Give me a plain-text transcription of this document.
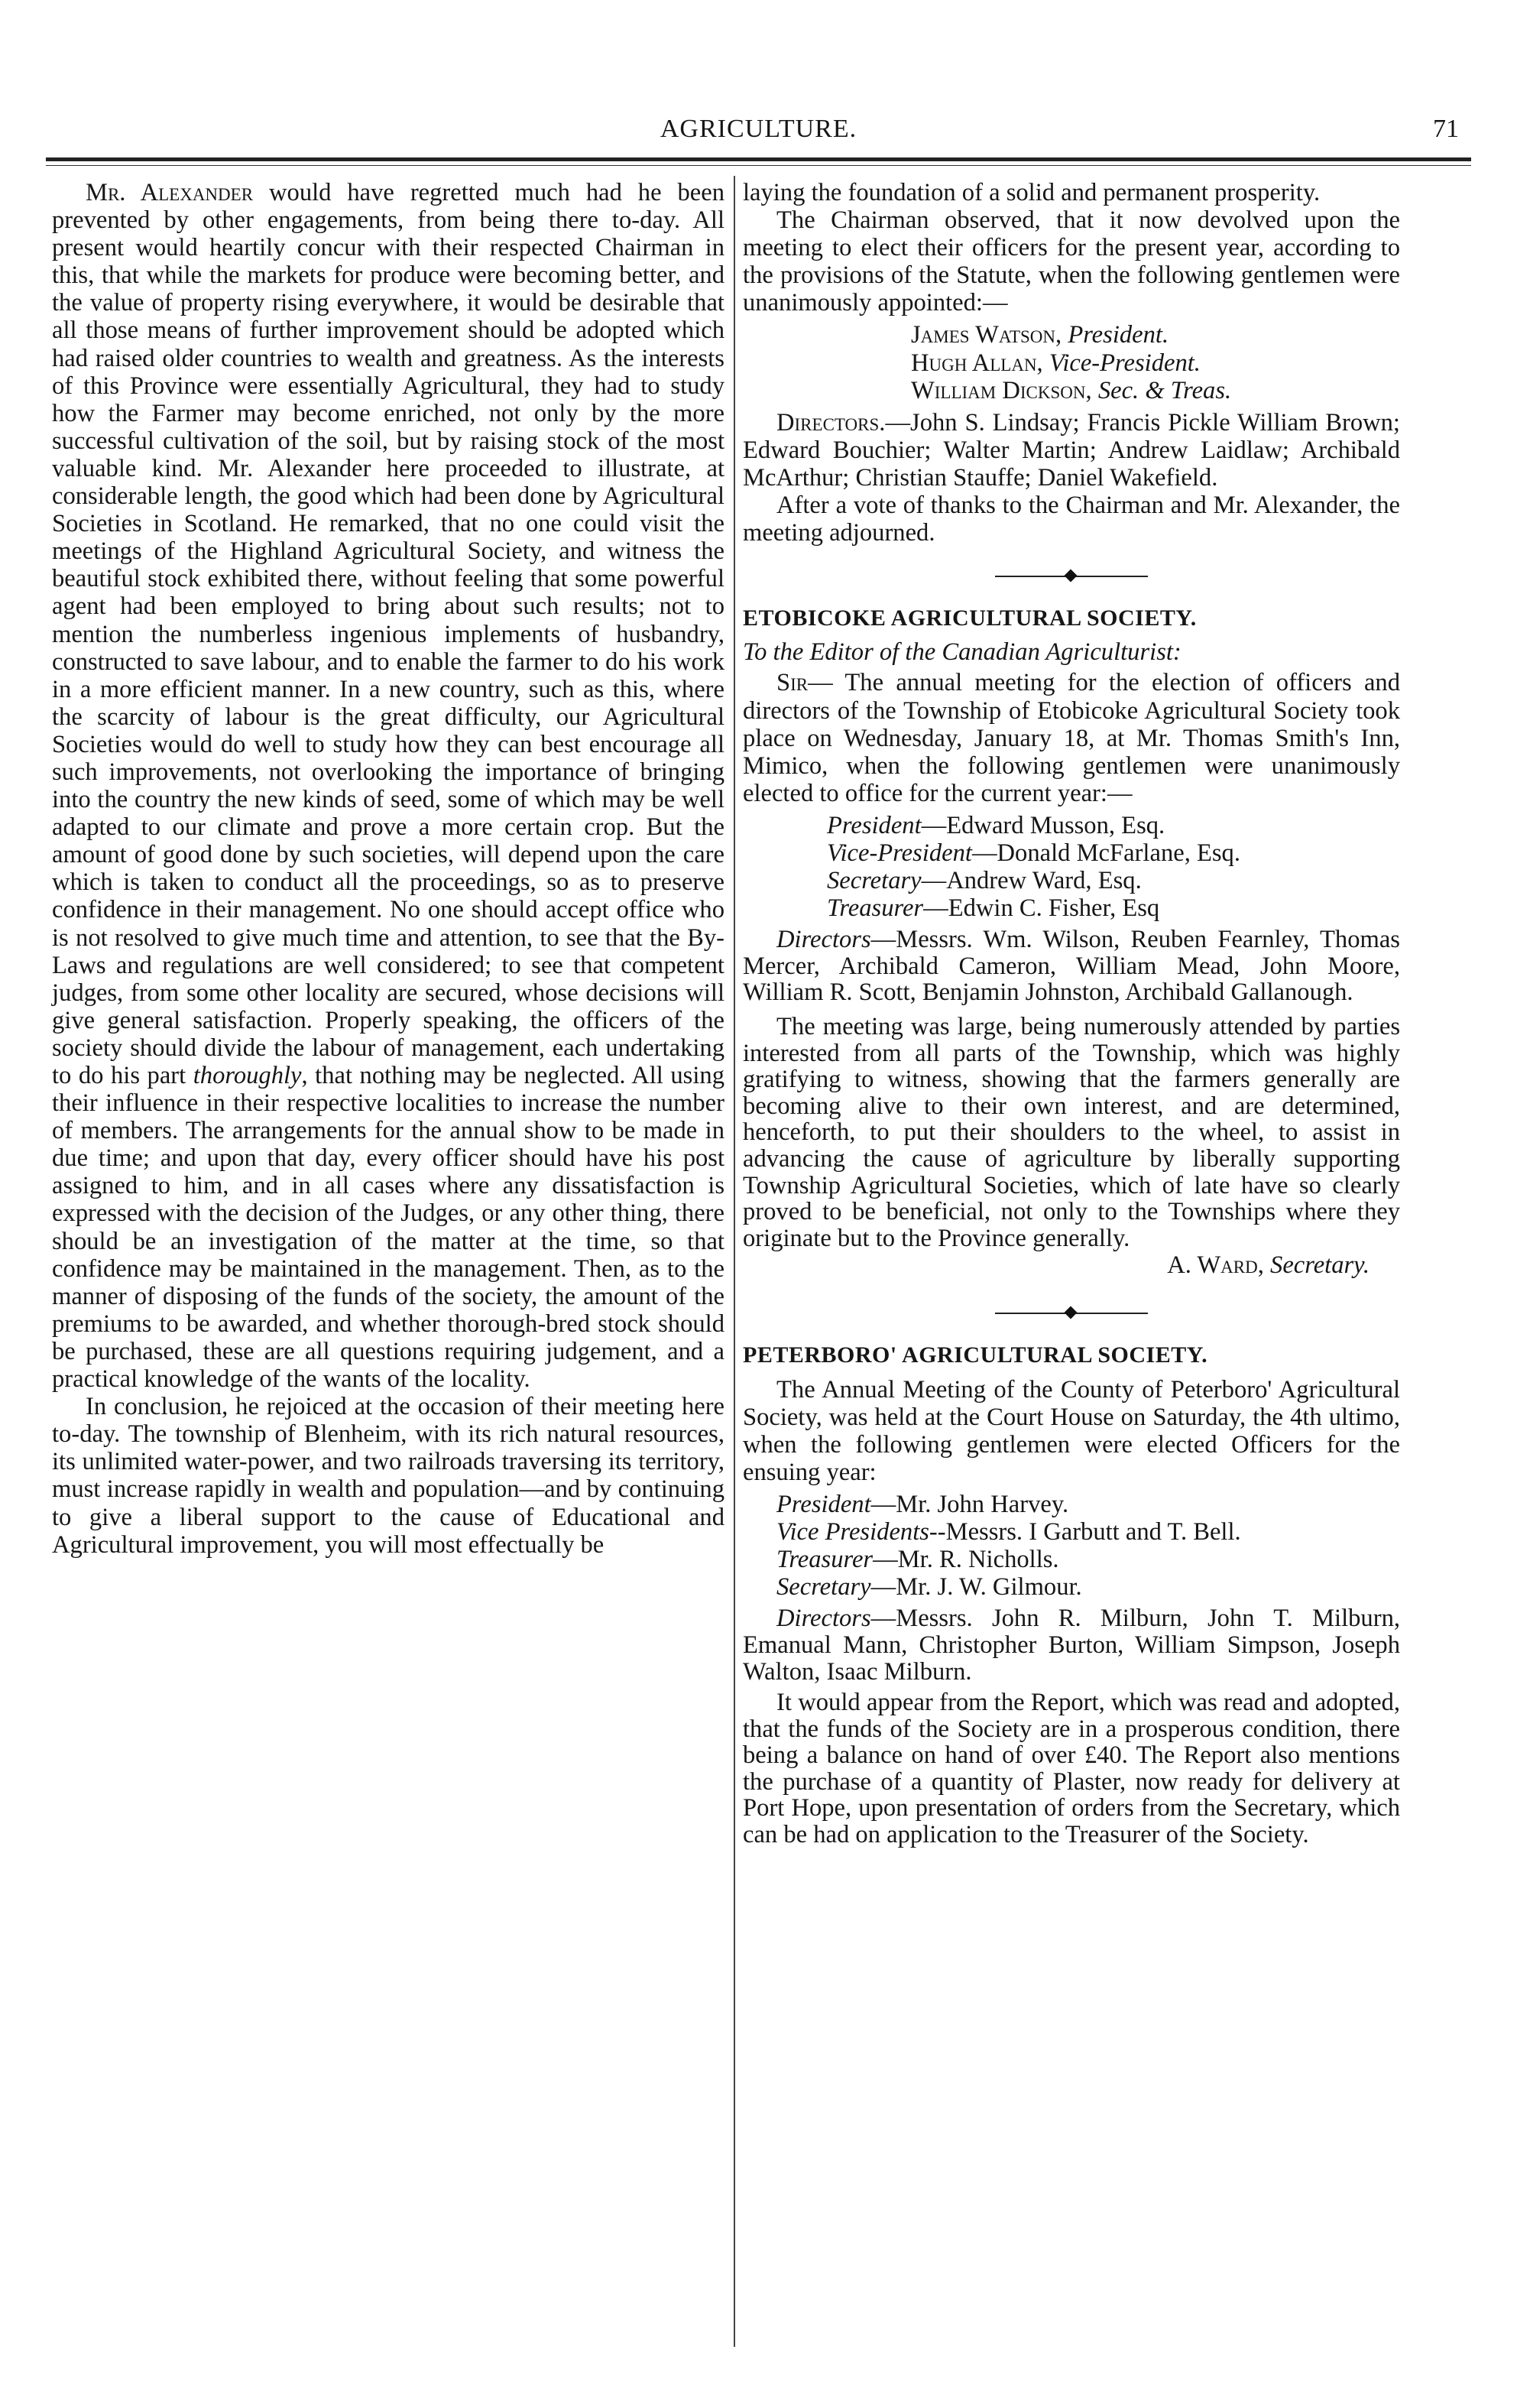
AGRICULTURE.	71

Mr. Alexander would have regretted much had he been prevented by other engagements, from being there to-day. All present would heartily concur with their respected Chairman in this, that while the markets for produce were becoming better, and the value of property rising everywhere, it would be desirable that all those means of further improvement should be adopted which had raised older countries to wealth and greatness. As the interests of this Province were essentially Agricultural, they had to study how the Farmer may become enriched, not only by the more successful cultivation of the soil, but by raising stock of the most valuable kind. Mr. Alexander here proceeded to illustrate, at considerable length, the good which had been done by Agricultural Societies in Scotland. He remarked, that no one could visit the meetings of the Highland Agricultural Society, and witness the beautiful stock exhibited there, without feeling that some powerful agent had been employed to bring about such results; not to mention the numberless ingenious implements of husbandry, constructed to save labour, and to enable the farmer to do his work in a more efficient manner. In a new country, such as this, where the scarcity of labour is the great difficulty, our Agricultural Societies would do well to study how they can best encourage all such improvements, not overlooking the importance of bringing into the country the new kinds of seed, some of which may be well adapted to our climate and prove a more certain crop. But the amount of good done by such societies, will depend upon the care which is taken to conduct all the proceedings, so as to preserve confidence in their management. No one should accept office who is not resolved to give much time and attention, to see that the By-Laws and regulations are well considered; to see that competent judges, from some other locality are secured, whose decisions will give general satisfaction. Properly speaking, the officers of the society should divide the labour of management, each undertaking to do his part thoroughly, that nothing may be neglected. All using their influence in their respective localities to increase the number of members. The arrangements for the annual show to be made in due time; and upon that day, every officer should have his post assigned to him, and in all cases where any dissatisfaction is expressed with the decision of the Judges, or any other thing, there should be an investigation of the matter at the time, so that confidence may be maintained in the management. Then, as to the manner of disposing of the funds of the society, the amount of the premiums to be awarded, and whether thorough-bred stock should be purchased, these are all questions requiring judgement, and a practical knowledge of the wants of the locality.

In conclusion, he rejoiced at the occasion of their meeting here to-day. The township of Blenheim, with its rich natural resources, its unlimited water-power, and two railroads traversing its territory, must increase rapidly in wealth and population—and by continuing to give a liberal support to the cause of Educational and Agricultural improvement, you will most effectually be

laying the foundation of a solid and permanent prosperity.

The Chairman observed, that it now devolved upon the meeting to elect their officers for the present year, according to the provisions of the Statute, when the following gentlemen were unanimously appointed:—

James Watson, President.

Hugh Allan, Vice-President.

William Dickson, Sec. & Treas.

Directors.—John S. Lindsay; Francis Pickle William Brown; Edward Bouchier; Walter Martin; Andrew Laidlaw; Archibald McArthur; Christian Stauffe; Daniel Wakefield.

After a vote of thanks to the Chairman and Mr. Alexander, the meeting adjourned.

ETOBICOKE AGRICULTURAL SOCIETY.

To the Editor of the Canadian Agriculturist:

Sir— The annual meeting for the election of officers and directors of the Township of Etobicoke Agricultural Society took place on Wednesday, January 18, at Mr. Thomas Smith's Inn, Mimico, when the following gentlemen were unanimously elected to office for the current year:—

President—Edward Musson, Esq.

Vice-President—Donald McFarlane, Esq.

Secretary—Andrew Ward, Esq.

Treasurer—Edwin C. Fisher, Esq

Directors—Messrs. Wm. Wilson, Reuben Fearnley, Thomas Mercer, Archibald Cameron, William Mead, John Moore, William R. Scott, Benjamin Johnston, Archibald Gallanough.

The meeting was large, being numerously attended by parties interested from all parts of the Township, which was highly gratifying to witness, showing that the farmers generally are becoming alive to their own interest, and are determined, henceforth, to put their shoulders to the wheel, to assist in advancing the cause of agriculture by liberally supporting Township Agricultural Societies, which of late have so clearly proved to be beneficial, not only to the Townships where they originate but to the Province generally.

A. Ward, Secretary.

PETERBORO' AGRICULTURAL SOCIETY.

The Annual Meeting of the County of Peterboro' Agricultural Society, was held at the Court House on Saturday, the 4th ultimo, when the following gentlemen were elected Officers for the ensuing year:

President—Mr. John Harvey.

Vice Presidents--Messrs. I Garbutt and T. Bell.

Treasurer—Mr. R. Nicholls.

Secretary—Mr. J. W. Gilmour.

Directors—Messrs. John R. Milburn, John T. Milburn, Emanual Mann, Christopher Burton, William Simpson, Joseph Walton, Isaac Milburn.

It would appear from the Report, which was read and adopted, that the funds of the Society are in a prosperous condition, there being a balance on hand of over £40. The Report also mentions the purchase of a quantity of Plaster, now ready for delivery at Port Hope, upon presentation of orders from the Secretary, which can be had on application to the Treasurer of the Society.
